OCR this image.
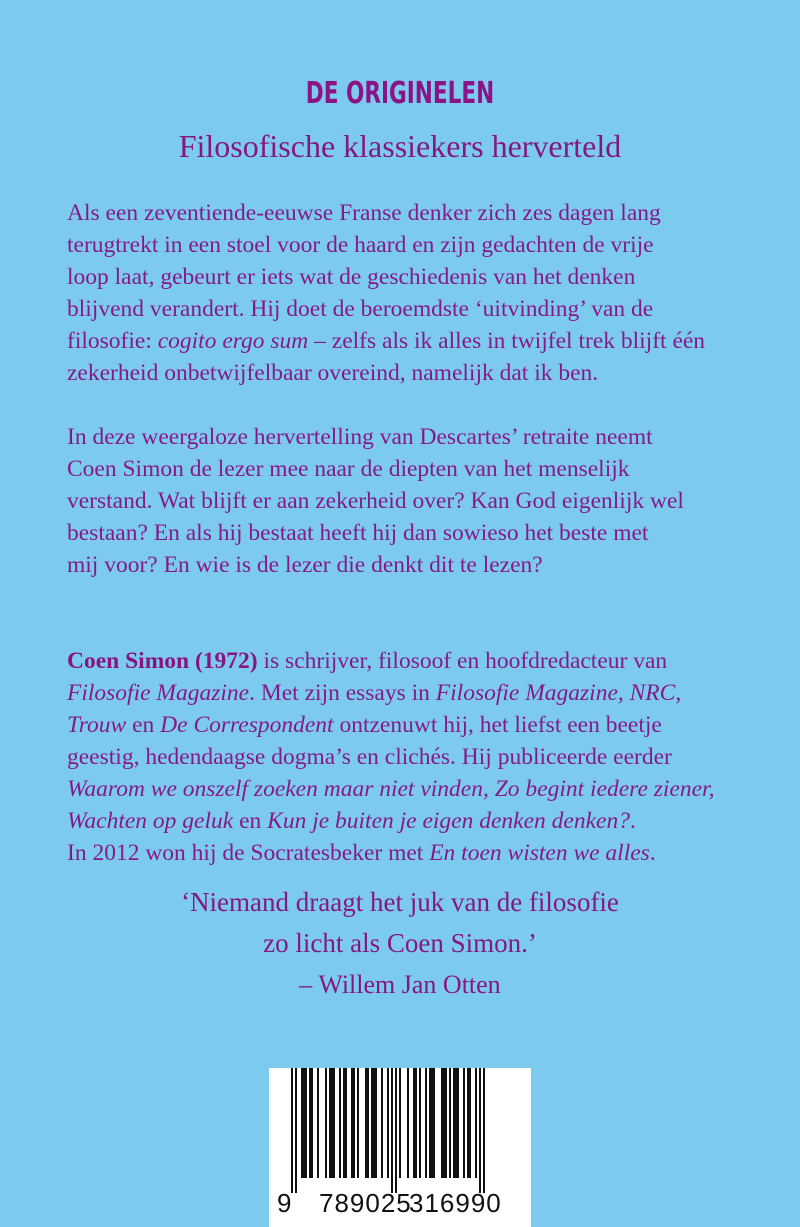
DE ORIGINELEN
Filosofische klassiekers herverteld

Als een zeventiende-eeuwse Franse denker zich zes dagen lang
terugtrekt in een stoel voor de haard en zijn gedachten de vrije
loop laat, gebeurt er iets wat de geschiedenis van het denken
blijvend verandert. Hij doet de beroemdste ‘uitvinding’ van de
filosofie: cogito ergo sum – zelfs als ik alles in twijfel trek blijft één
zekerheid onbetwijfelbaar overeind, namelijk dat ik ben.

In deze weergaloze hervertelling van Descartes’ retraite neemt
Coen Simon de lezer mee naar de diepten van het menselijk
verstand. Wat blijft er aan zekerheid over? Kan God eigenlijk wel
bestaan? En als hij bestaat heeft hij dan sowieso het beste met
mij voor? En wie is de lezer die denkt dit te lezen?

Coen Simon (1972) is schrijver, filosoof en hoofdredacteur van
Filosofie Magazine. Met zijn essays in Filosofie Magazine, NRC,
Trouw en De Correspondent ontzenuwt hij, het liefst een beetje
geestig, hedendaagse dogma’s en clichés. Hij publiceerde eerder
Waarom we onszelf zoeken maar niet vinden, Zo begint iedere ziener,
Wachten op geluk en Kun je buiten je eigen denken denken?.
In 2012 won hij de Socratesbeker met En toen wisten we alles.

‘Niemand draagt het juk van de filosofie
zo licht als Coen Simon.’
– Willem Jan Otten
9 789025
316990
